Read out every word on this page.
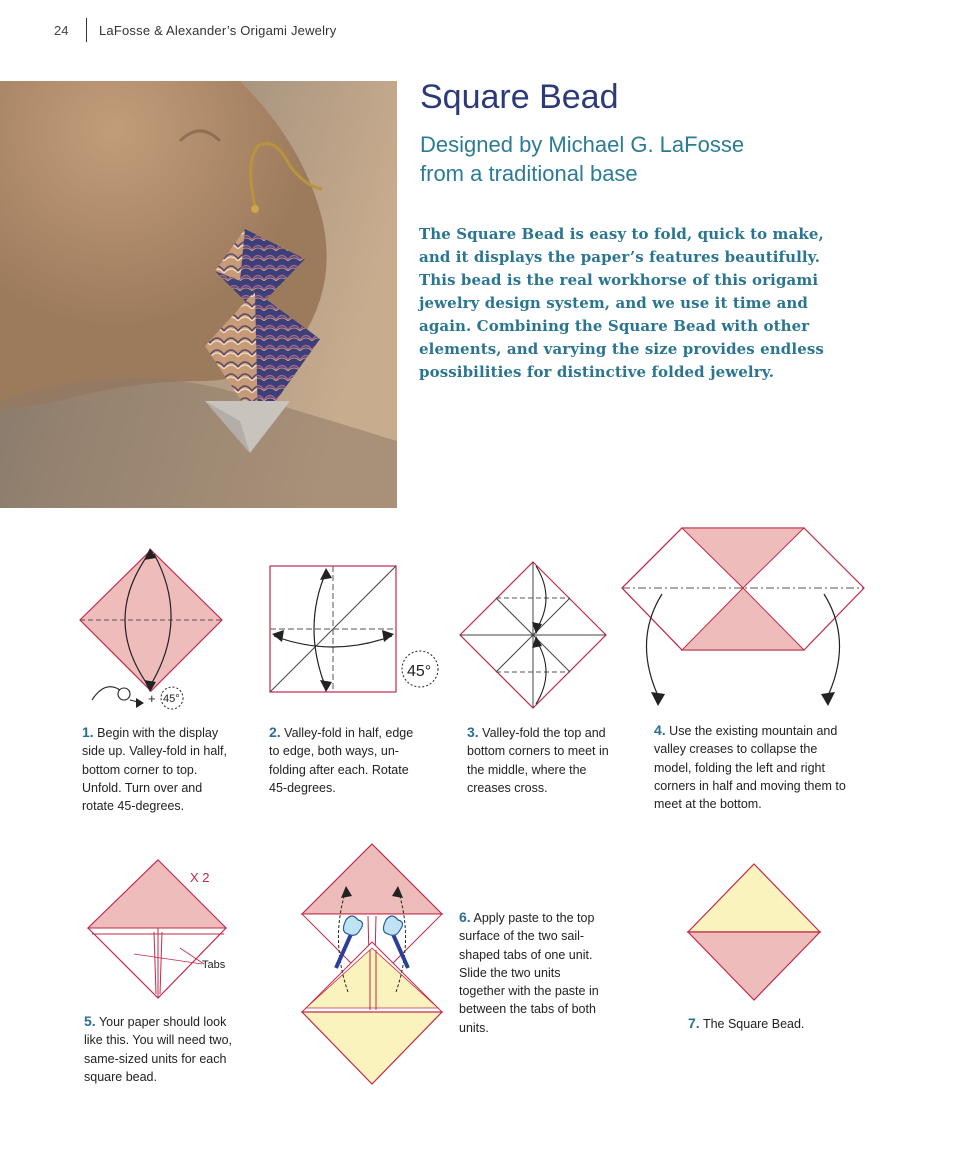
24	LaFosse & Alexander’s Origami Jewelry
Square Bead
Designed by Michael G. LaFosse
from a traditional base

The Square Bead is easy to fold, quick to make, and it displays the paper’s features beautifully. This bead is the real workhorse of this origami jewelry design system, and we use it time and again. Combining the Square Bead with other elements, and varying the size provides endless possibilities for distinctive folded jewelry.

+ 45°
45°
X 2
Tabs
1. Begin with the display side up. Valley-fold in half, bottom corner to top. Unfold. Turn over and rotate 45-degrees.
2. Valley-fold in half, edge to edge, both ways, unfolding after each. Rotate 45-degrees.
3. Valley-fold the top and bottom corners to meet in the middle, where the creases cross.
4. Use the existing mountain and valley creases to collapse the model, folding the left and right corners in half and moving them to meet at the bottom.
5. Your paper should look like this. You will need two, same-sized units for each square bead.
6. Apply paste to the top surface of the two sail-shaped tabs of one unit. Slide the two units together with the paste in between the tabs of both units.	7. The Square Bead.
